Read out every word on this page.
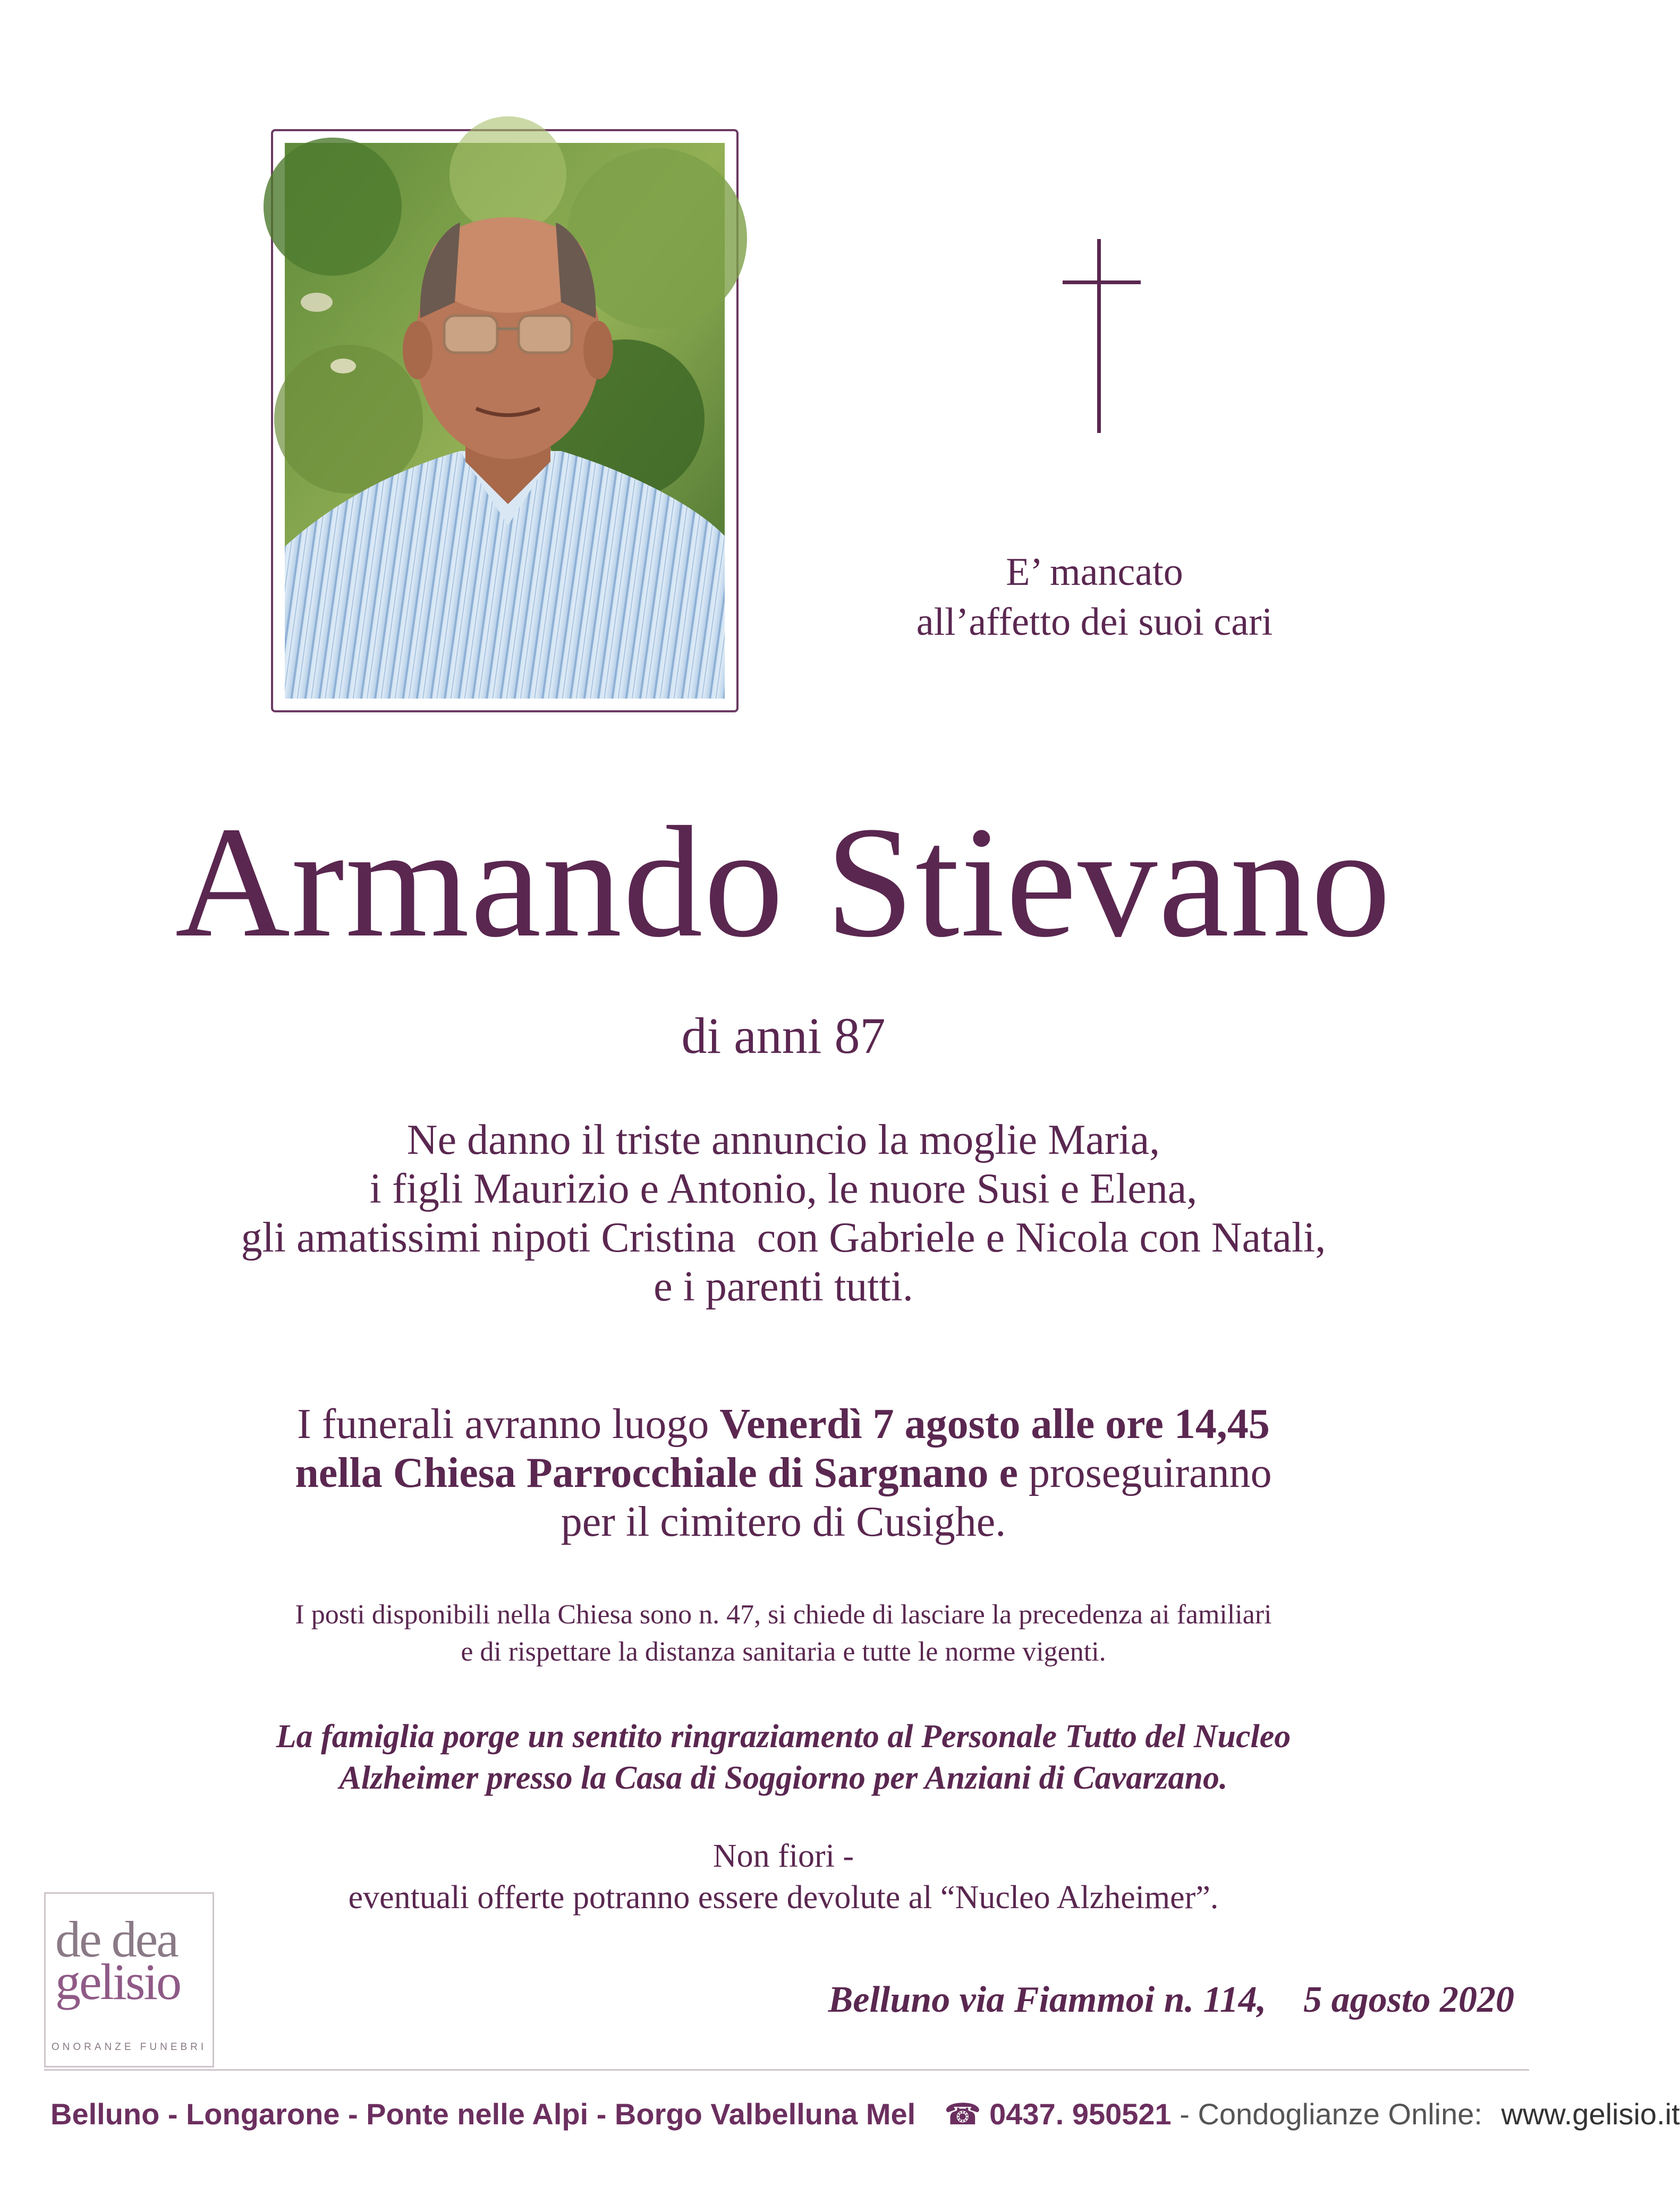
E’ mancato
all’affetto dei suoi cari
Armando Stievano
di anni 87
Ne danno il triste annuncio la moglie Maria,
i figli Maurizio e Antonio, le nuore Susi e Elena,
gli amatissimi nipoti Cristina  con Gabriele e Nicola con Natali,
e i parenti tutti.
I funerali avranno luogo Venerdì 7 agosto alle ore 14,45
nella Chiesa Parrocchiale di Sargnano e proseguiranno
per il cimitero di Cusighe.
I posti disponibili nella Chiesa sono n. 47, si chiede di lasciare la precedenza ai familiari
e di rispettare la distanza sanitaria e tutte le norme vigenti.
La famiglia porge un sentito ringraziamento al Personale Tutto del Nucleo
Alzheimer presso la Casa di Soggiorno per Anziani di Cavarzano.
Non fiori -
eventuali offerte potranno essere devolute al “Nucleo Alzheimer”.
Belluno via Fiammoi n. 114,    5 agosto 2020
de dea
gelisio
ONORANZE FUNEBRI
Belluno - Longarone - Ponte nelle Alpi - Borgo Valbelluna Mel ☎ 0437. 950521 - Condoglianze Online: www.gelisio.it
